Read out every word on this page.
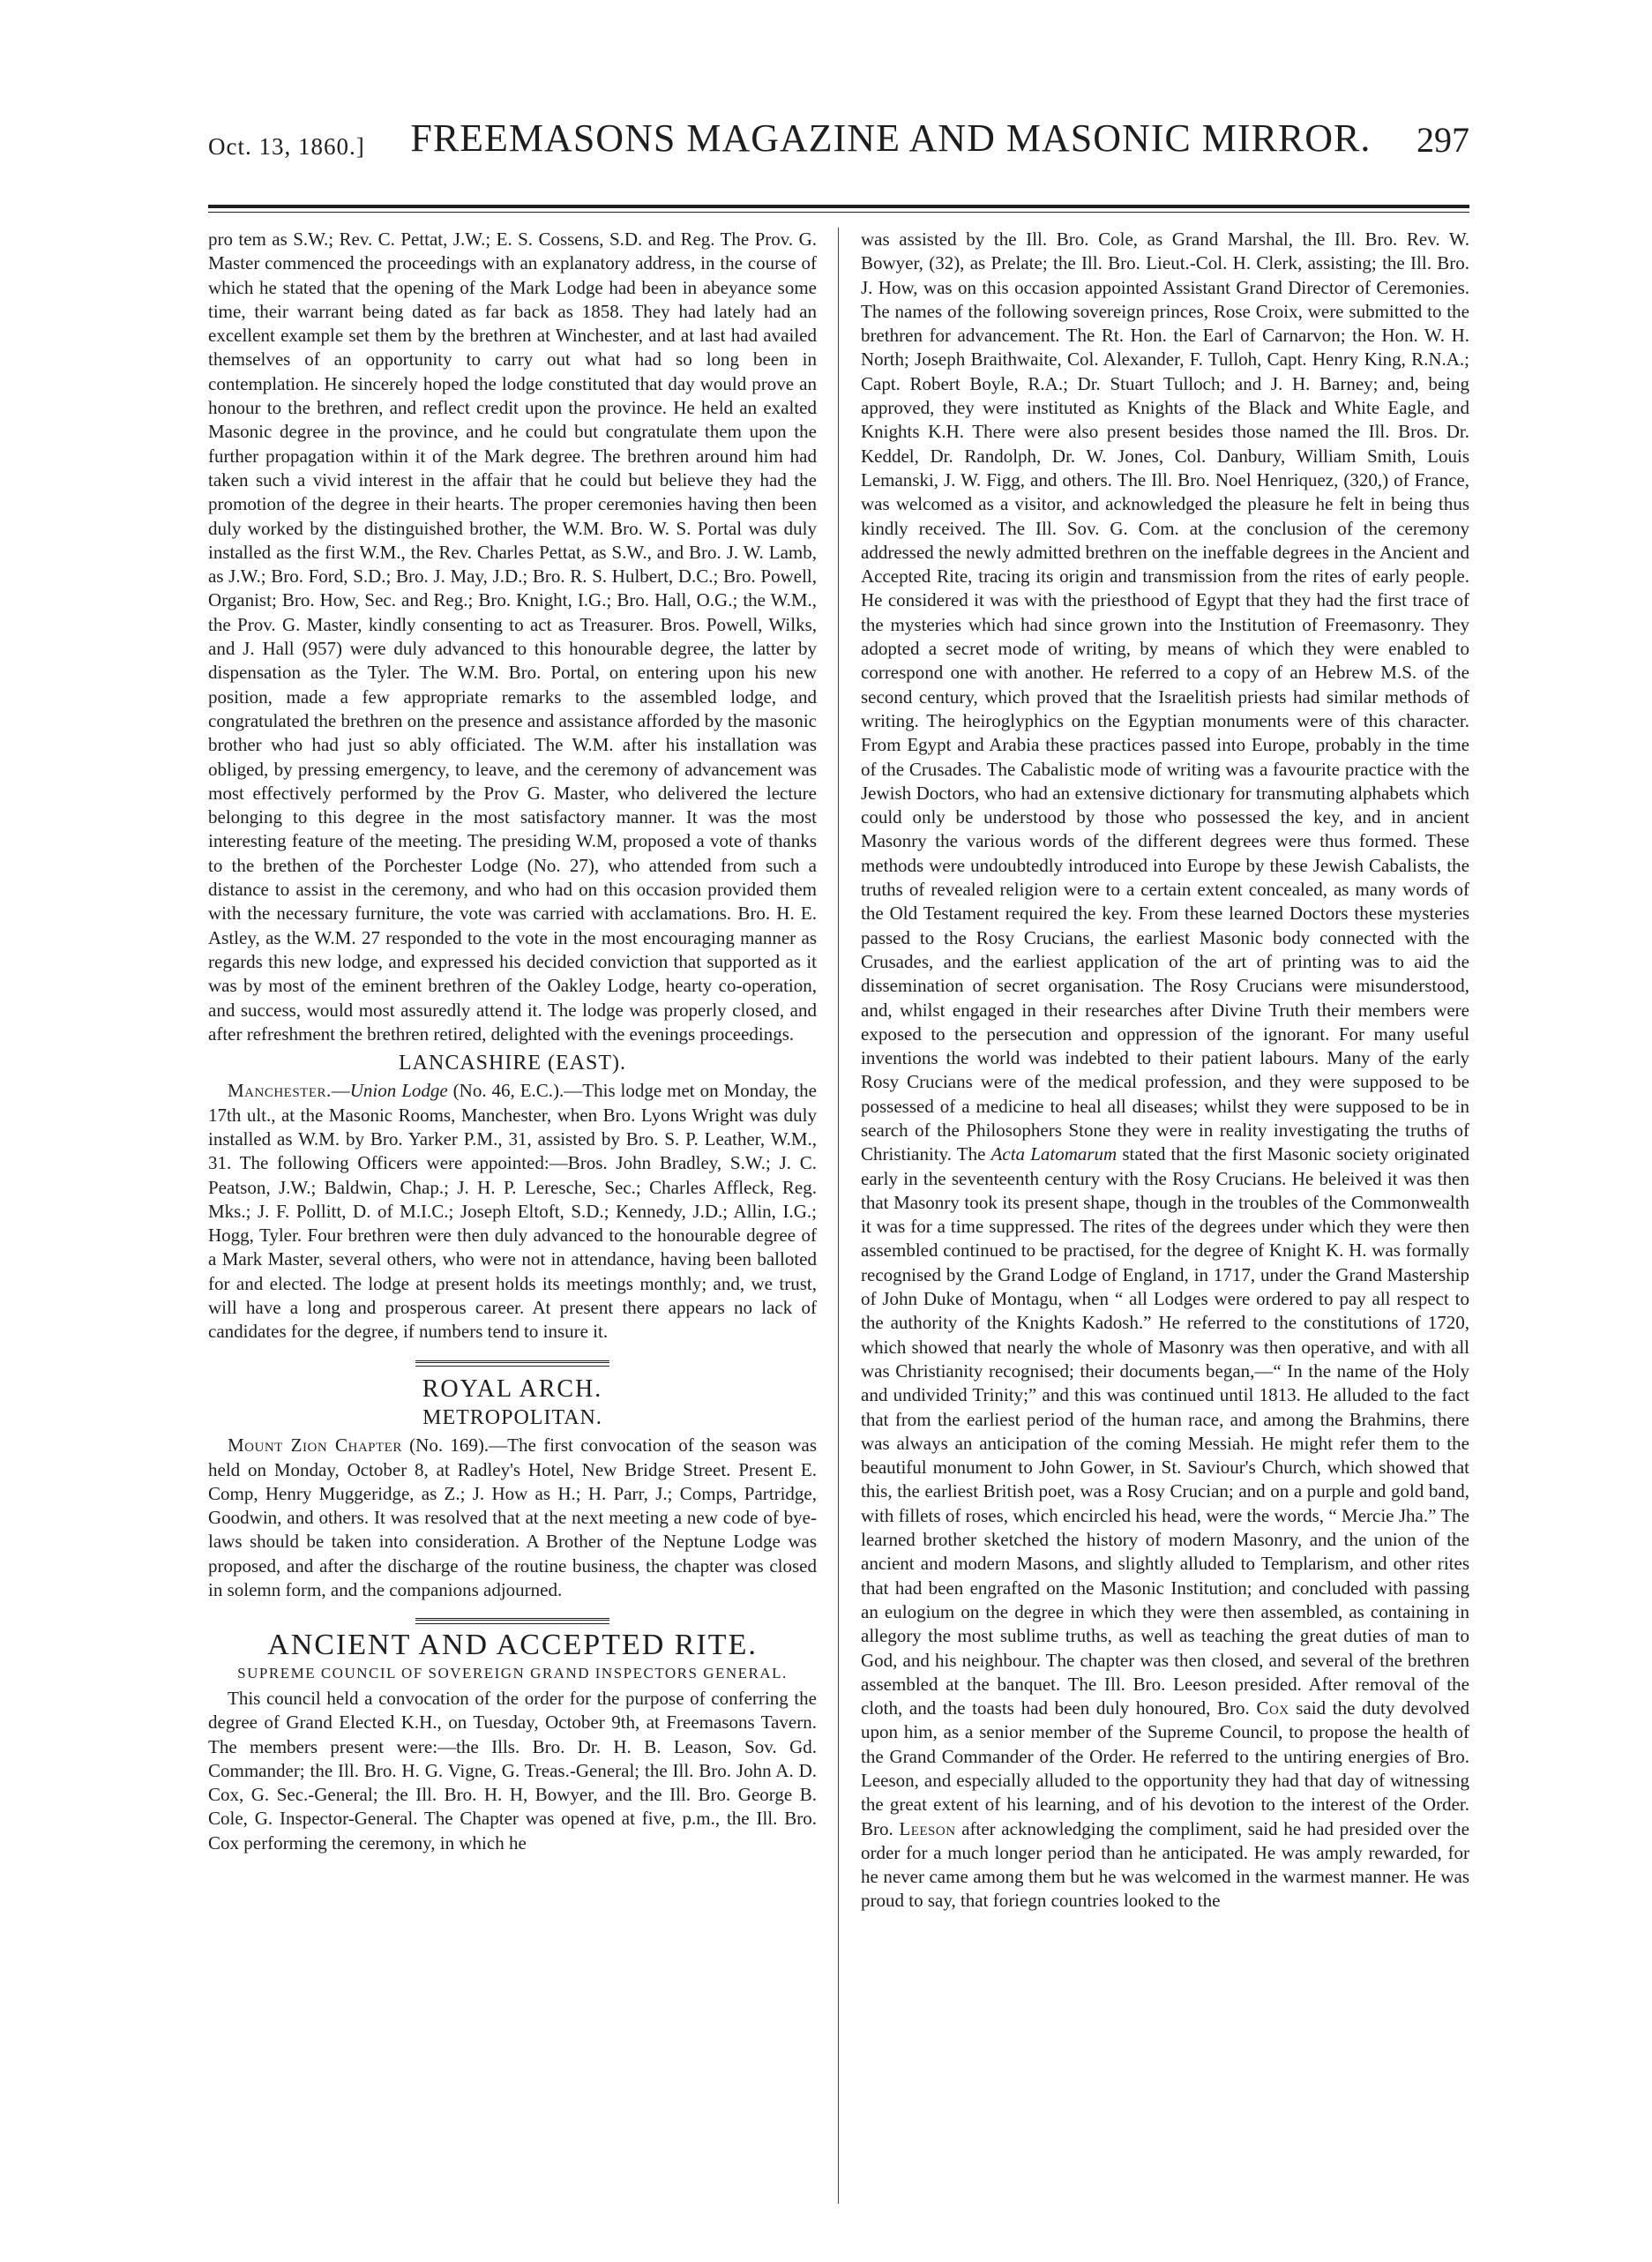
Oct. 13, 1860.] FREEMASONS MAGAZINE AND MASONIC MIRROR. 297

pro tem as S.W.; Rev. C. Pettat, J.W.; E. S. Cossens, S.D. and Reg. The Prov. G. Master commenced the proceedings with an explanatory address, in the course of which he stated that the opening of the Mark Lodge had been in abeyance some time, their warrant being dated as far back as 1858. They had lately had an excellent example set them by the brethren at Winchester, and at last had availed themselves of an opportunity to carry out what had so long been in contemplation. He sincerely hoped the lodge constituted that day would prove an honour to the brethren, and reflect credit upon the province. He held an exalted Masonic degree in the province, and he could but congratulate them upon the further propagation within it of the Mark degree. The brethren around him had taken such a vivid interest in the affair that he could but believe they had the promotion of the degree in their hearts. The proper ceremonies having then been duly worked by the distinguished brother, the W.M. Bro. W. S. Portal was duly installed as the first W.M., the Rev. Charles Pettat, as S.W., and Bro. J. W. Lamb, as J.W.; Bro. Ford, S.D.; Bro. J. May, J.D.; Bro. R. S. Hulbert, D.C.; Bro. Powell, Organist; Bro. How, Sec. and Reg.; Bro. Knight, I.G.; Bro. Hall, O.G.; the W.M., the Prov. G. Master, kindly consenting to act as Treasurer. Bros. Powell, Wilks, and J. Hall (957) were duly advanced to this honourable degree, the latter by dispensation as the Tyler. The W.M. Bro. Portal, on entering upon his new position, made a few appropriate remarks to the assembled lodge, and congratulated the brethren on the presence and assistance afforded by the masonic brother who had just so ably officiated. The W.M. after his installation was obliged, by pressing emergency, to leave, and the ceremony of advancement was most effectively performed by the Prov G. Master, who delivered the lecture belonging to this degree in the most satisfactory manner. It was the most interesting feature of the meeting. The presiding W.M, proposed a vote of thanks to the brethen of the Porchester Lodge (No. 27), who attended from such a distance to assist in the ceremony, and who had on this occasion provided them with the necessary furniture, the vote was carried with acclamations. Bro. H. E. Astley, as the W.M. 27 responded to the vote in the most encouraging manner as regards this new lodge, and expressed his decided conviction that supported as it was by most of the eminent brethren of the Oakley Lodge, hearty co-operation, and success, would most assuredly attend it. The lodge was properly closed, and after refreshment the brethren retired, delighted with the evenings proceedings.

LANCASHIRE (EAST).

Manchester.—Union Lodge (No. 46, E.C.).—This lodge met on Monday, the 17th ult., at the Masonic Rooms, Manchester, when Bro. Lyons Wright was duly installed as W.M. by Bro. Yarker P.M., 31, assisted by Bro. S. P. Leather, W.M., 31. The following Officers were appointed:—Bros. John Bradley, S.W.; J. C. Peatson, J.W.; Baldwin, Chap.; J. H. P. Leresche, Sec.; Charles Affleck, Reg. Mks.; J. F. Pollitt, D. of M.I.C.; Joseph Eltoft, S.D.; Kennedy, J.D.; Allin, I.G.; Hogg, Tyler. Four brethren were then duly advanced to the honourable degree of a Mark Master, several others, who were not in attendance, having been balloted for and elected. The lodge at present holds its meetings monthly; and, we trust, will have a long and prosperous career. At present there appears no lack of candidates for the degree, if numbers tend to insure it.

ROYAL ARCH.
METROPOLITAN.

Mount Zion Chapter (No. 169).—The first convocation of the season was held on Monday, October 8, at Radley's Hotel, New Bridge Street. Present E. Comp, Henry Muggeridge, as Z.; J. How as H.; H. Parr, J.; Comps, Partridge, Goodwin, and others. It was resolved that at the next meeting a new code of bye-laws should be taken into consideration. A Brother of the Neptune Lodge was proposed, and after the discharge of the routine business, the chapter was closed in solemn form, and the companions adjourned.

ANCIENT AND ACCEPTED RITE.
SUPREME COUNCIL OF SOVEREIGN GRAND INSPECTORS GENERAL.

This council held a convocation of the order for the purpose of conferring the degree of Grand Elected K.H., on Tuesday, October 9th, at Freemasons Tavern. The members present were:—the Ills. Bro. Dr. H. B. Leason, Sov. Gd. Commander; the Ill. Bro. H. G. Vigne, G. Treas.-General; the Ill. Bro. John A. D. Cox, G. Sec.-General; the Ill. Bro. H. H, Bowyer, and the Ill. Bro. George B. Cole, G. Inspector-General. The Chapter was opened at five, p.m., the Ill. Bro. Cox performing the ceremony, in which he

was assisted by the Ill. Bro. Cole, as Grand Marshal, the Ill. Bro. Rev. W. Bowyer, (32), as Prelate; the Ill. Bro. Lieut.-Col. H. Clerk, assisting; the Ill. Bro. J. How, was on this occasion appointed Assistant Grand Director of Ceremonies. The names of the following sovereign princes, Rose Croix, were submitted to the brethren for advancement. The Rt. Hon. the Earl of Carnarvon; the Hon. W. H. North; Joseph Braithwaite, Col. Alexander, F. Tulloh, Capt. Henry King, R.N.A.; Capt. Robert Boyle, R.A.; Dr. Stuart Tulloch; and J. H. Barney; and, being approved, they were instituted as Knights of the Black and White Eagle, and Knights K.H. There were also present besides those named the Ill. Bros. Dr. Keddel, Dr. Randolph, Dr. W. Jones, Col. Danbury, William Smith, Louis Lemanski, J. W. Figg, and others. The Ill. Bro. Noel Henriquez, (320,) of France, was welcomed as a visitor, and acknowledged the pleasure he felt in being thus kindly received. The Ill. Sov. G. Com. at the conclusion of the ceremony addressed the newly admitted brethren on the ineffable degrees in the Ancient and Accepted Rite, tracing its origin and transmission from the rites of early people. He considered it was with the priesthood of Egypt that they had the first trace of the mysteries which had since grown into the Institution of Freemasonry. They adopted a secret mode of writing, by means of which they were enabled to correspond one with another. He referred to a copy of an Hebrew M.S. of the second century, which proved that the Israelitish priests had similar methods of writing. The heiroglyphics on the Egyptian monuments were of this character. From Egypt and Arabia these practices passed into Europe, probably in the time of the Crusades. The Cabalistic mode of writing was a favourite practice with the Jewish Doctors, who had an extensive dictionary for transmuting alphabets which could only be understood by those who possessed the key, and in ancient Masonry the various words of the different degrees were thus formed. These methods were undoubtedly introduced into Europe by these Jewish Cabalists, the truths of revealed religion were to a certain extent concealed, as many words of the Old Testament required the key. From these learned Doctors these mysteries passed to the Rosy Crucians, the earliest Masonic body connected with the Crusades, and the earliest application of the art of printing was to aid the dissemination of secret organisation. The Rosy Crucians were misunderstood, and, whilst engaged in their researches after Divine Truth their members were exposed to the persecution and oppression of the ignorant. For many useful inventions the world was indebted to their patient labours. Many of the early Rosy Crucians were of the medical profession, and they were supposed to be possessed of a medicine to heal all diseases; whilst they were supposed to be in search of the Philosophers Stone they were in reality investigating the truths of Christianity. The Acta Latomarum stated that the first Masonic society originated early in the seventeenth century with the Rosy Crucians. He beleived it was then that Masonry took its present shape, though in the troubles of the Commonwealth it was for a time suppressed. The rites of the degrees under which they were then assembled continued to be practised, for the degree of Knight K. H. was formally recognised by the Grand Lodge of England, in 1717, under the Grand Mastership of John Duke of Montagu, when “ all Lodges were ordered to pay all respect to the authority of the Knights Kadosh.” He referred to the constitutions of 1720, which showed that nearly the whole of Masonry was then operative, and with all was Christianity recognised; their documents began,—“ In the name of the Holy and undivided Trinity;” and this was continued until 1813. He alluded to the fact that from the earliest period of the human race, and among the Brahmins, there was always an anticipation of the coming Messiah. He might refer them to the beautiful monument to John Gower, in St. Saviour's Church, which showed that this, the earliest British poet, was a Rosy Crucian; and on a purple and gold band, with fillets of roses, which encircled his head, were the words, “ Mercie Jha.” The learned brother sketched the history of modern Masonry, and the union of the ancient and modern Masons, and slightly alluded to Templarism, and other rites that had been engrafted on the Masonic Institution; and concluded with passing an eulogium on the degree in which they were then assembled, as containing in allegory the most sublime truths, as well as teaching the great duties of man to God, and his neighbour. The chapter was then closed, and several of the brethren assembled at the banquet. The Ill. Bro. Leeson presided. After removal of the cloth, and the toasts had been duly honoured, Bro. Cox said the duty devolved upon him, as a senior member of the Supreme Council, to propose the health of the Grand Commander of the Order. He referred to the untiring energies of Bro. Leeson, and especially alluded to the opportunity they had that day of witnessing the great extent of his learning, and of his devotion to the interest of the Order. Bro. Leeson after acknowledging the compliment, said he had presided over the order for a much longer period than he anticipated. He was amply rewarded, for he never came among them but he was welcomed in the warmest manner. He was proud to say, that foriegn countries looked to the
